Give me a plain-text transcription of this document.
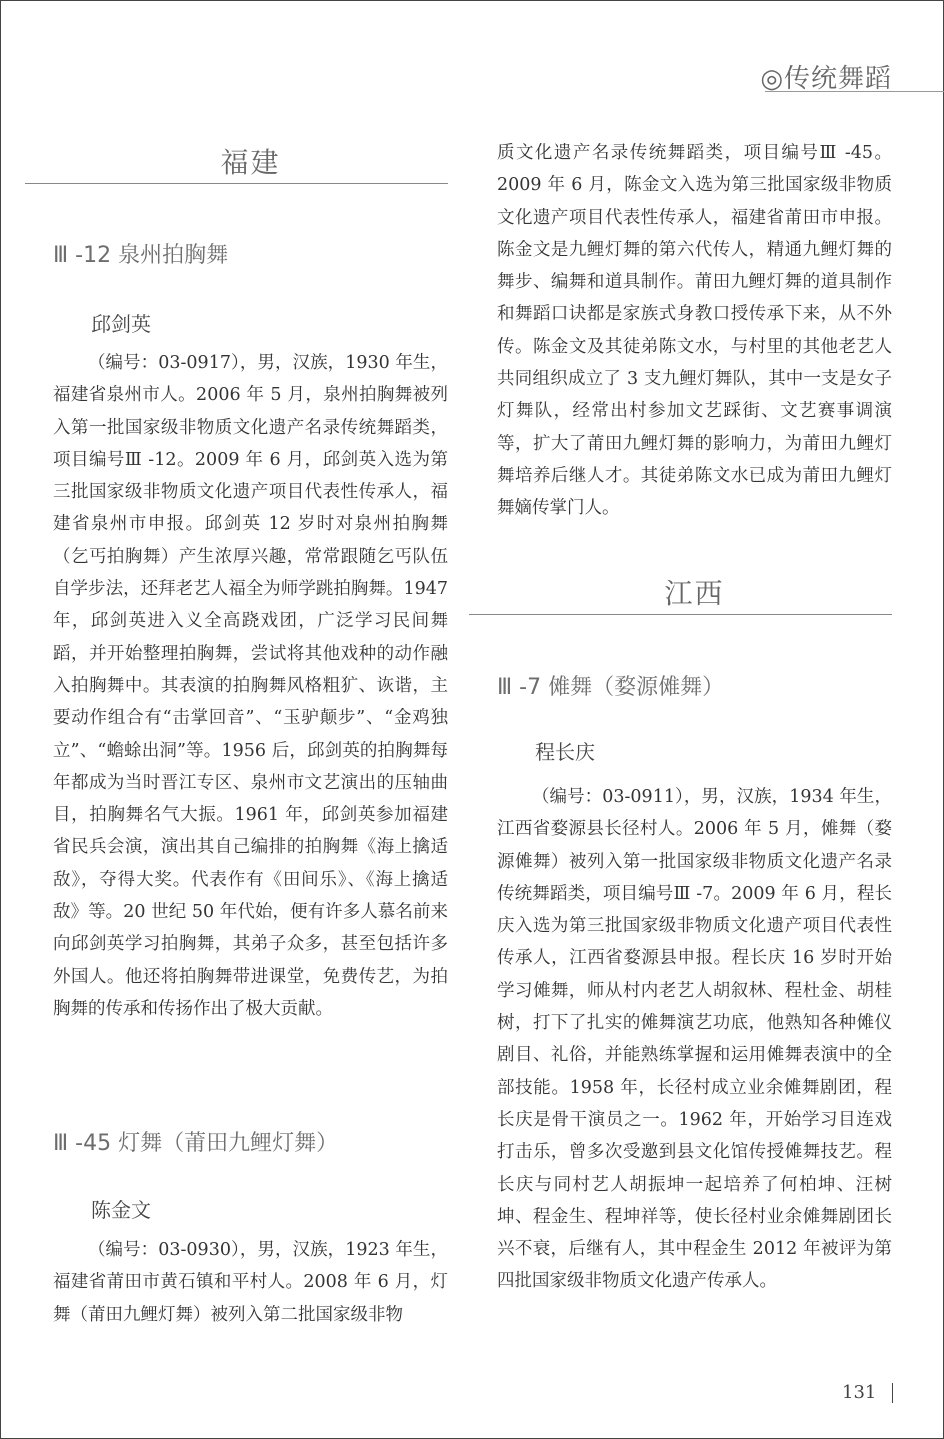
◎传统舞蹈
福建
Ⅲ -12 泉州拍胸舞
邱剑英

（编号：03-0917），男，汉族，1930 年生，福建省泉州市人。2006 年 5 月，泉州拍胸舞被列入第一批国家级非物质文化遗产名录传统舞蹈类，项目编号Ⅲ -12。2009 年 6 月，邱剑英入选为第三批国家级非物质文化遗产项目代表性传承人，福建省泉州市申报。邱剑英 12 岁时对泉州拍胸舞（乞丐拍胸舞）产生浓厚兴趣，常常跟随乞丐队伍自学步法，还拜老艺人福全为师学跳拍胸舞。1947 年，邱剑英进入义全高跷戏团，广泛学习民间舞蹈，并开始整理拍胸舞，尝试将其他戏种的动作融入拍胸舞中。其表演的拍胸舞风格粗犷、诙谐，主要动作组合有“击掌回音”、“玉驴颠步”、“金鸡独立”、“蟾蜍出洞”等。1956 后，邱剑英的拍胸舞每年都成为当时晋江专区、泉州市文艺演出的压轴曲目，拍胸舞名气大振。1961 年，邱剑英参加福建省民兵会演，演出其自己编排的拍胸舞《海上擒适敌》，夺得大奖。代表作有《田间乐》、《海上擒适敌》等。20 世纪 50 年代始，便有许多人慕名前来向邱剑英学习拍胸舞，其弟子众多，甚至包括许多外国人。他还将拍胸舞带进课堂，免费传艺，为拍胸舞的传承和传扬作出了极大贡献。

Ⅲ -45 灯舞（莆田九鲤灯舞）
陈金文

（编号：03-0930），男，汉族，1923 年生，福建省莆田市黄石镇和平村人。2008 年 6 月，灯舞（莆田九鲤灯舞）被列入第二批国家级非物

质文化遗产名录传统舞蹈类，项目编号Ⅲ -45。2009 年 6 月，陈金文入选为第三批国家级非物质文化遗产项目代表性传承人，福建省莆田市申报。陈金文是九鲤灯舞的第六代传人，精通九鲤灯舞的舞步、编舞和道具制作。莆田九鲤灯舞的道具制作和舞蹈口诀都是家族式身教口授传承下来，从不外传。陈金文及其徒弟陈文水，与村里的其他老艺人共同组织成立了 3 支九鲤灯舞队，其中一支是女子灯舞队，经常出村参加文艺踩街、文艺赛事调演等，扩大了莆田九鲤灯舞的影响力，为莆田九鲤灯舞培养后继人才。其徒弟陈文水已成为莆田九鲤灯舞嫡传掌门人。

江西
Ⅲ -7 傩舞（婺源傩舞）
程长庆

（编号：03-0911），男，汉族，1934 年生，江西省婺源县长径村人。2006 年 5 月，傩舞（婺源傩舞）被列入第一批国家级非物质文化遗产名录传统舞蹈类，项目编号Ⅲ -7。2009 年 6 月，程长庆入选为第三批国家级非物质文化遗产项目代表性传承人，江西省婺源县申报。程长庆 16 岁时开始学习傩舞，师从村内老艺人胡叙林、程杜金、胡桂树，打下了扎实的傩舞演艺功底，他熟知各种傩仪剧目、礼俗，并能熟练掌握和运用傩舞表演中的全部技能。1958 年，长径村成立业余傩舞剧团，程长庆是骨干演员之一。1962 年，开始学习目连戏打击乐，曾多次受邀到县文化馆传授傩舞技艺。程长庆与同村艺人胡振坤一起培养了何柏坤、汪树坤、程金生、程坤祥等，使长径村业余傩舞剧团长兴不衰，后继有人，其中程金生 2012 年被评为第四批国家级非物质文化遗产传承人。

131
